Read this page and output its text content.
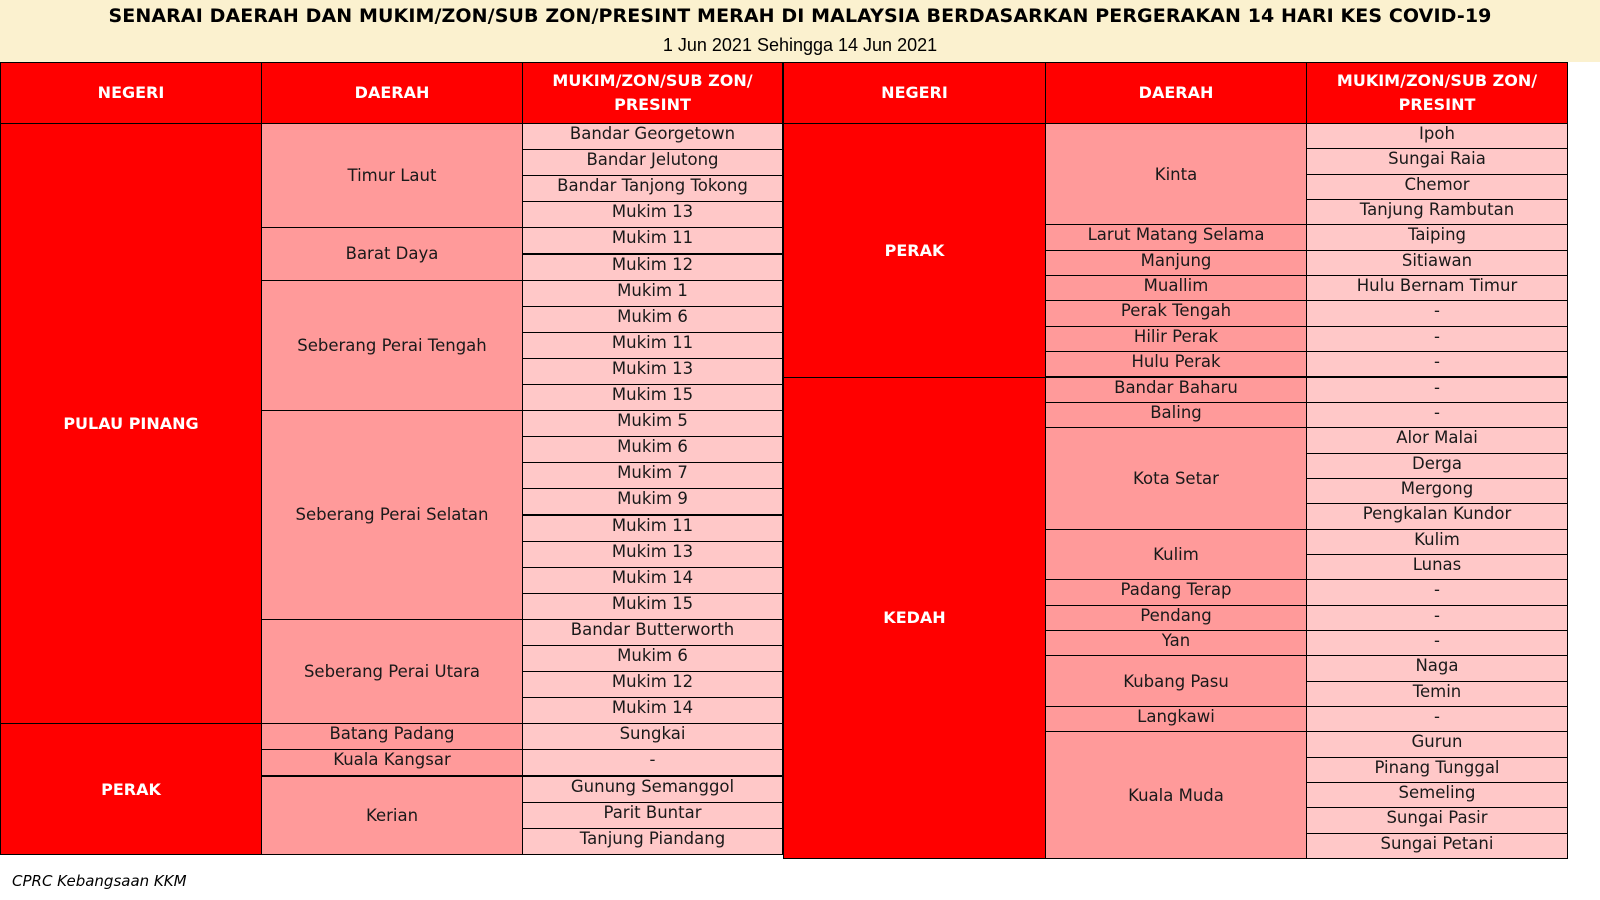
SENARAI DAERAH DAN MUKIM/ZON/SUB ZON/PRESINT MERAH DI MALAYSIA BERDASARKAN PERGERAKAN 14 HARI KES COVID-19
1 Jun 2021 Sehingga 14 Jun 2021
NEGERI	DAERAH
MUKIM/ZON/SUB ZON/ PRESINT
Bandar Georgetown
Bandar Jelutong
Bandar Tanjong Tokong
Mukim 13
Timur Laut
Mukim 11
Mukim 12
Barat Daya
Mukim 1
Mukim 6
Mukim 11
Mukim 13
Mukim 15
Seberang Perai Tengah
Mukim 5
Mukim 6
Mukim 7
Mukim 9
Mukim 11
Mukim 13
Mukim 14
Mukim 15
Seberang Perai Selatan
Bandar Butterworth
Mukim 6
Mukim 12
Mukim 14
Seberang Perai Utara
PULAU PINANG
Sungkai
Batang Padang
-
Kuala Kangsar
Gunung Semanggol
Parit Buntar
Tanjung Piandang
Kerian
PERAK
NEGERI	DAERAH
MUKIM/ZON/SUB ZON/ PRESINT
Ipoh
Sungai Raia
Chemor
Tanjung Rambutan
Kinta
Taiping
Larut Matang Selama
Sitiawan
Manjung
Hulu Bernam Timur
Muallim
-
Perak Tengah
-
Hilir Perak
-
Hulu Perak
PERAK
-
Bandar Baharu
-
Baling
Alor Malai
Derga
Mergong
Pengkalan Kundor
Kota Setar
Kulim
Lunas
Kulim
-
Padang Terap
-
Pendang
-
Yan
Naga
Temin
Kubang Pasu
-
Langkawi
Gurun
Pinang Tunggal
Semeling
Sungai Pasir
Sungai Petani
Kuala Muda
KEDAH
CPRC Kebangsaan KKM
